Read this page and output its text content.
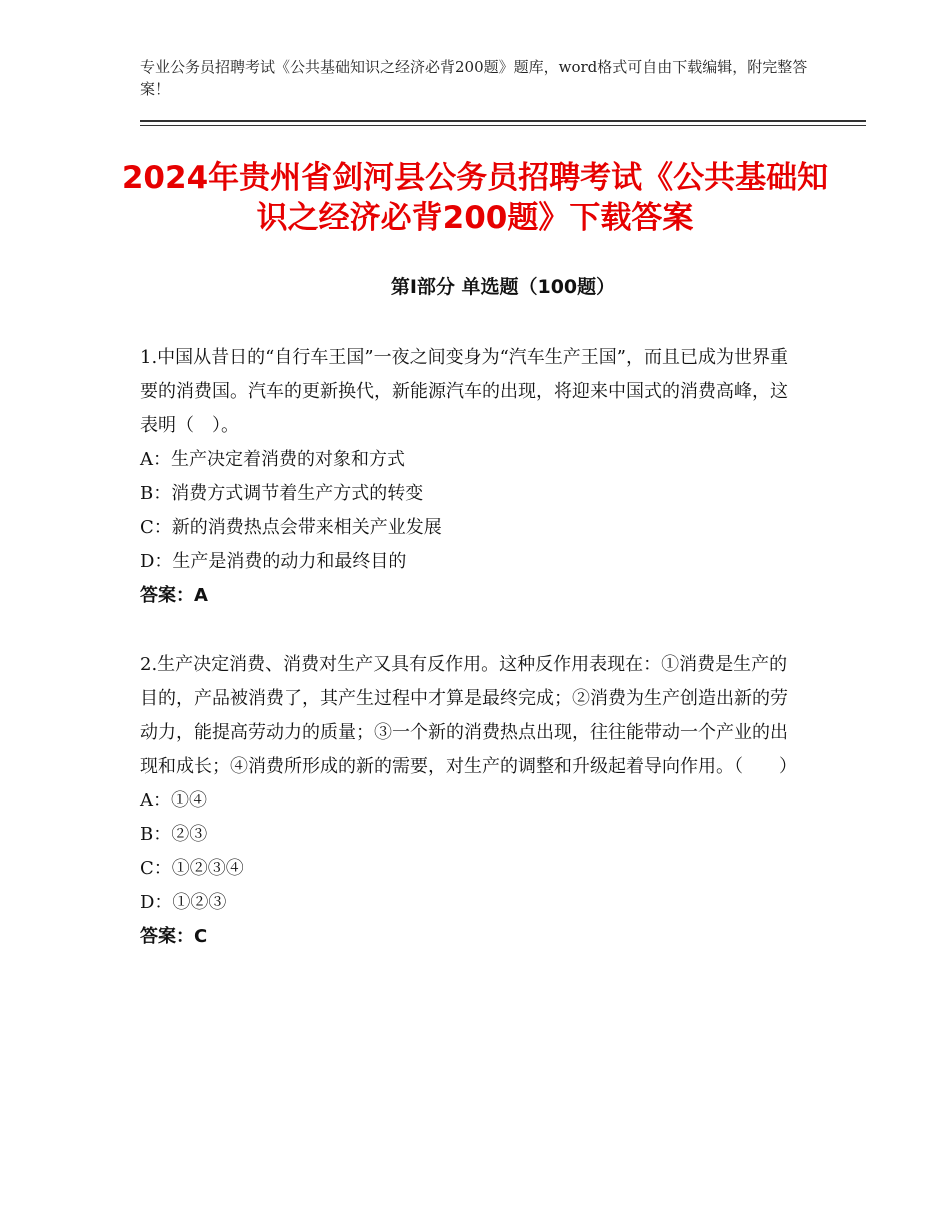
专业公务员招聘考试《公共基础知识之经济必背200题》题库，word格式可自由下载编辑，附完整答案！
2024年贵州省剑河县公务员招聘考试《公共基础知识之经济必背200题》下载答案
第Ⅰ部分 单选题（100题）

1.中国从昔日的“自行车王国”一夜之间变身为“汽车生产王国”，而且已成为世界重要的消费国。汽车的更新换代，新能源汽车的出现，将迎来中国式的消费高峰，这表明（　）。

A：生产决定着消费的对象和方式

B：消费方式调节着生产方式的转变

C：新的消费热点会带来相关产业发展

D：生产是消费的动力和最终目的

答案：A

2.生产决定消费、消费对生产又具有反作用。这种反作用表现在：①消费是生产的目的，产品被消费了，其产生过程中才算是最终完成；②消费为生产创造出新的劳动力，能提高劳动力的质量；③一个新的消费热点出现，往往能带动一个产业的出现和成长；④消费所形成的新的需要，对生产的调整和升级起着导向作用。（　　）

A：①④

B：②③

C：①②③④

D：①②③

答案：C
